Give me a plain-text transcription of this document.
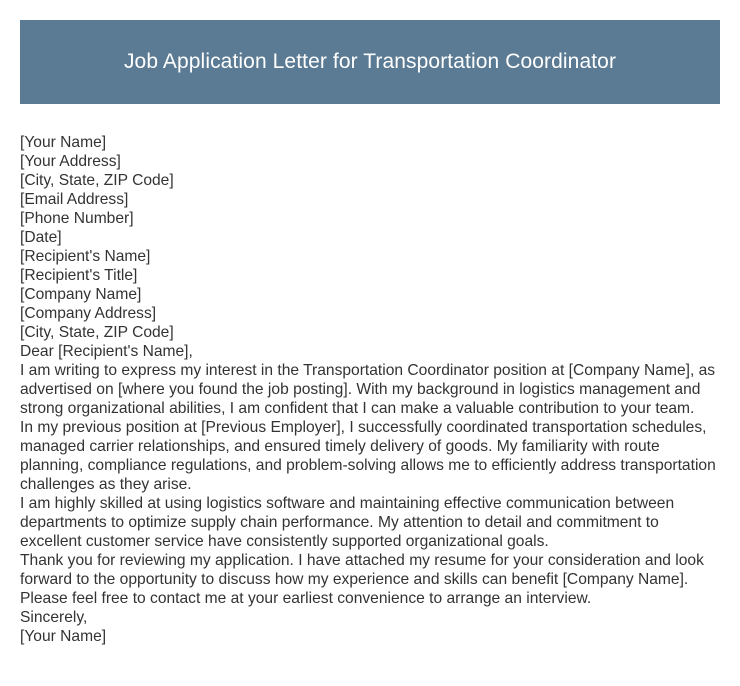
Job Application Letter for Transportation Coordinator

[Your Name]

[Your Address]

[City, State, ZIP Code]

[Email Address]

[Phone Number]

[Date]

[Recipient's Name]

[Recipient's Title]

[Company Name]

[Company Address]

[City, State, ZIP Code]

Dear [Recipient's Name],

I am writing to express my interest in the Transportation Coordinator position at [Company Name], as advertised on [where you found the job posting]. With my background in logistics management and strong organizational abilities, I am confident that I can make a valuable contribution to your team.

In my previous position at [Previous Employer], I successfully coordinated transportation schedules, managed carrier relationships, and ensured timely delivery of goods. My familiarity with route planning, compliance regulations, and problem-solving allows me to efficiently address transportation challenges as they arise.

I am highly skilled at using logistics software and maintaining effective communication between departments to optimize supply chain performance. My attention to detail and commitment to excellent customer service have consistently supported organizational goals.

Thank you for reviewing my application. I have attached my resume for your consideration and look forward to the opportunity to discuss how my experience and skills can benefit [Company Name]. Please feel free to contact me at your earliest convenience to arrange an interview.

Sincerely,

[Your Name]
